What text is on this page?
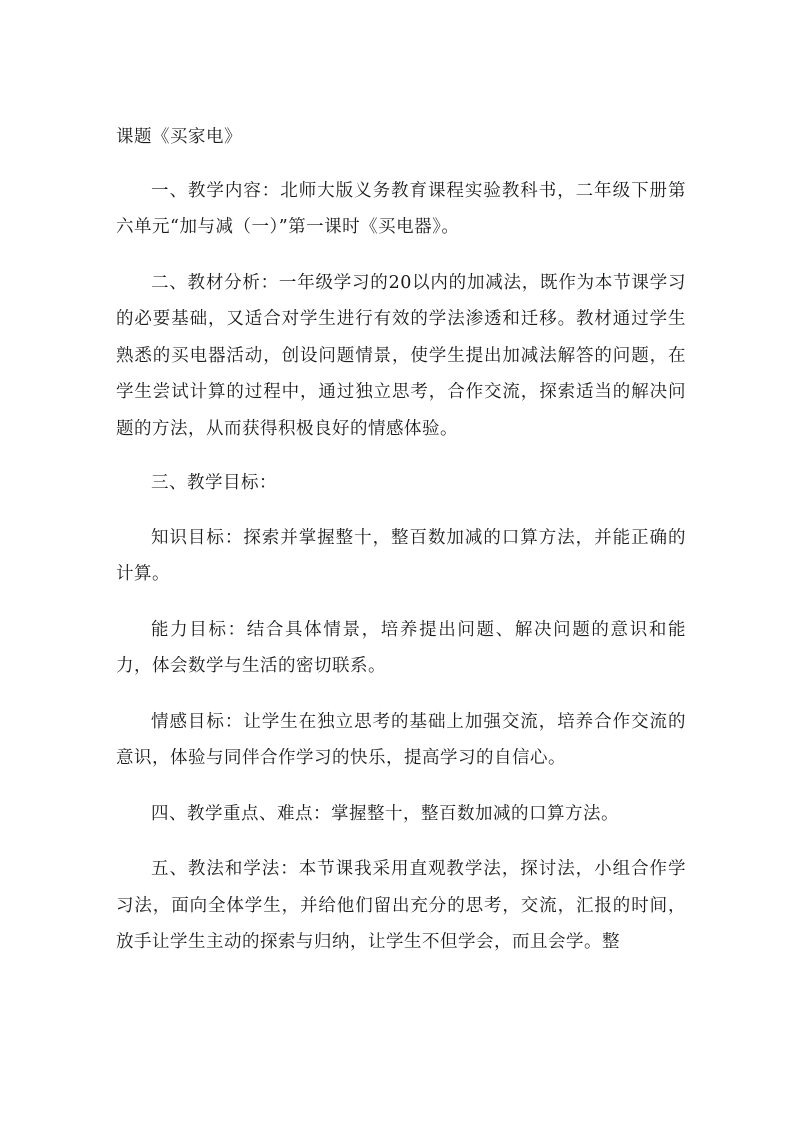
课题《买家电》

一、教学内容：北师大版义务教育课程实验教科书，二年级下册第六单元“加与减（一）”第一课时《买电器》。

二、教材分析：一年级学习的20以内的加减法，既作为本节课学习的必要基础，又适合对学生进行有效的学法渗透和迁移。教材通过学生熟悉的买电器活动，创设问题情景，使学生提出加减法解答的问题，在学生尝试计算的过程中，通过独立思考，合作交流，探索适当的解决问题的方法，从而获得积极良好的情感体验。

三、教学目标：

知识目标：探索并掌握整十，整百数加减的口算方法，并能正确的计算。

能力目标：结合具体情景，培养提出问题、解决问题的意识和能力，体会数学与生活的密切联系。

情感目标：让学生在独立思考的基础上加强交流，培养合作交流的意识，体验与同伴合作学习的快乐，提高学习的自信心。

四、教学重点、难点：掌握整十，整百数加减的口算方法。

五、教法和学法：本节课我采用直观教学法，探讨法，小组合作学习法，面向全体学生，并给他们留出充分的思考，交流，汇报的时间，放手让学生主动的探索与归纳，让学生不但学会，而且会学。整
